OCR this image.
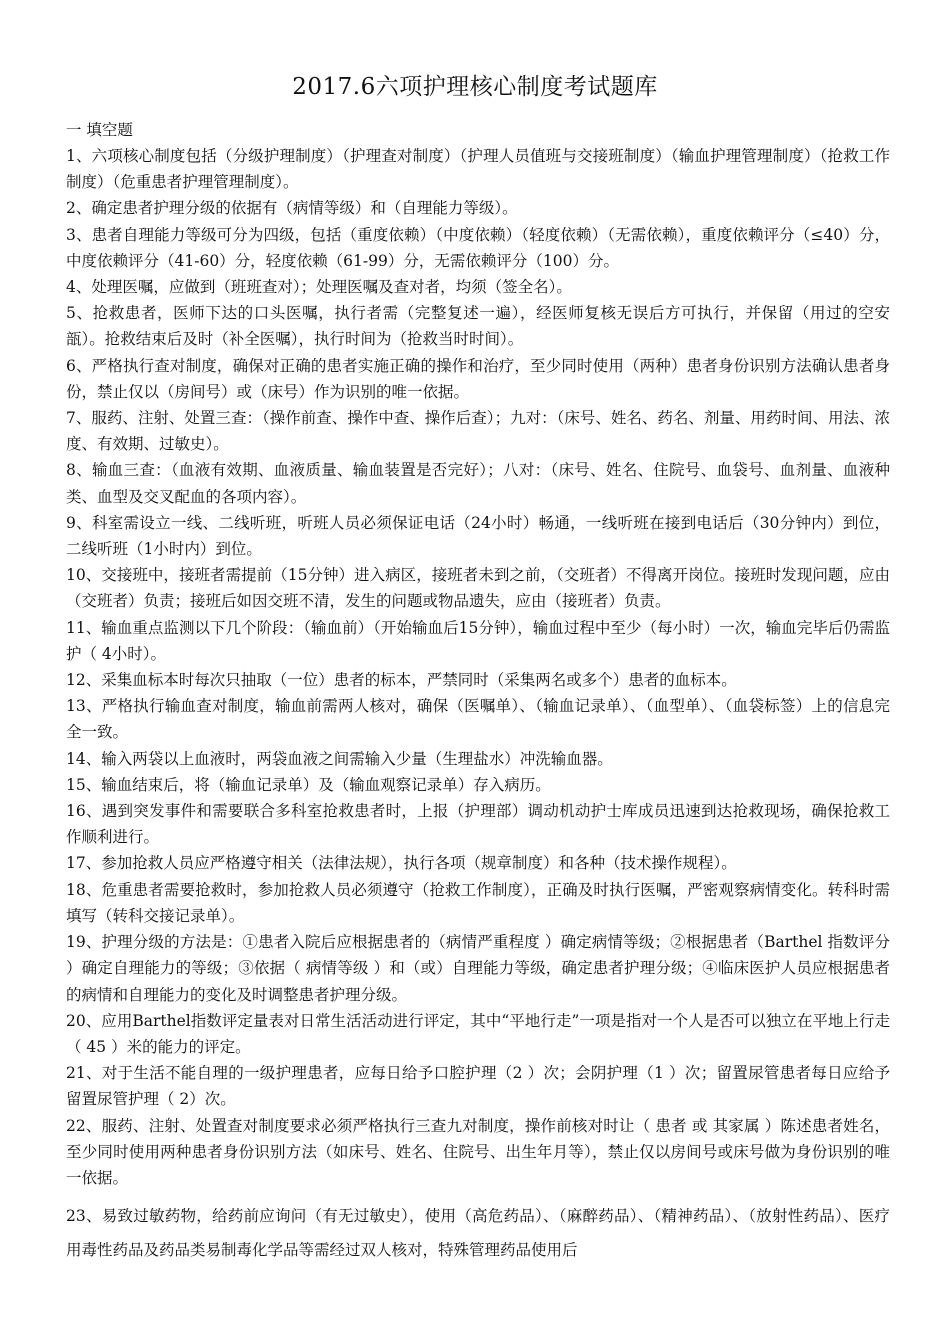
2017.6六项护理核心制度考试题库
一 填空题

1、六项核心制度包括（分级护理制度）（护理查对制度）（护理人员值班与交接班制度）（输血护理管理制度）（抢救工作制度）（危重患者护理管理制度）。

2、确定患者护理分级的依据有（病情等级）和（自理能力等级）。

3、患者自理能力等级可分为四级，包括（重度依赖）（中度依赖）（轻度依赖）（无需依赖），重度依赖评分（≤40）分，中度依赖评分（41-60）分，轻度依赖（61-99）分，无需依赖评分（100）分。

4、处理医嘱，应做到（班班查对）；处理医嘱及查对者，均须（签全名）。

5、抢救患者，医师下达的口头医嘱，执行者需（完整复述一遍），经医师复核无误后方可执行，并保留（用过的空安瓿）。抢救结束后及时（补全医嘱），执行时间为（抢救当时时间）。

6、严格执行查对制度，确保对正确的患者实施正确的操作和治疗，至少同时使用（两种）患者身份识别方法确认患者身份，禁止仅以（房间号）或（床号）作为识别的唯一依据。

7、服药、注射、处置三查：（操作前查、操作中查、操作后查）；九对：（床号、姓名、药名、剂量、用药时间、用法、浓度、有效期、过敏史）。

8、输血三查：（血液有效期、血液质量、输血装置是否完好）；八对：（床号、姓名、住院号、血袋号、血剂量、血液种类、血型及交叉配血的各项内容）。

9、科室需设立一线、二线听班，听班人员必须保证电话（24小时）畅通，一线听班在接到电话后（30分钟内）到位，二线听班（1小时内）到位。

10、交接班中，接班者需提前（15分钟）进入病区，接班者未到之前，（交班者）不得离开岗位。接班时发现问题，应由（交班者）负责；接班后如因交班不清，发生的问题或物品遗失，应由（接班者）负责。

11、输血重点监测以下几个阶段：（输血前）（开始输血后15分钟），输血过程中至少（每小时）一次，输血完毕后仍需监护（ 4小时）。

12、采集血标本时每次只抽取（一位）患者的标本，严禁同时（采集两名或多个）患者的血标本。

13、严格执行输血查对制度，输血前需两人核对，确保（医嘱单）、（输血记录单）、（血型单）、（血袋标签）上的信息完全一致。

14、输入两袋以上血液时，两袋血液之间需输入少量（生理盐水）冲洗输血器。

15、输血结束后，将（输血记录单）及（输血观察记录单）存入病历。

16、遇到突发事件和需要联合多科室抢救患者时，上报（护理部）调动机动护士库成员迅速到达抢救现场，确保抢救工作顺利进行。

17、参加抢救人员应严格遵守相关（法律法规），执行各项（规章制度）和各种（技术操作规程）。

18、危重患者需要抢救时，参加抢救人员必须遵守（抢救工作制度），正确及时执行医嘱，严密观察病情变化。转科时需填写（转科交接记录单）。

19、护理分级的方法是：①患者入院后应根据患者的（病情严重程度 ）确定病情等级；②根据患者（Barthel 指数评分 ）确定自理能力的等级；③依据（ 病情等级 ）和（或）自理能力等级，确定患者护理分级；④临床医护人员应根据患者的病情和自理能力的变化及时调整患者护理分级。

20、应用Barthel指数评定量表对日常生活活动进行评定，其中“平地行走”一项是指对一个人是否可以独立在平地上行走（ 45 ）米的能力的评定。

21、对于生活不能自理的一级护理患者，应每日给予口腔护理（2 ）次；会阴护理（1 ）次；留置尿管患者每日应给予留置尿管护理（ 2）次。

22、服药、注射、处置查对制度要求必须严格执行三查九对制度，操作前核对时让（ 患者 或 其家属 ）陈述患者姓名，至少同时使用两种患者身份识别方法（如床号、姓名、住院号、出生年月等），禁止仅以房间号或床号做为身份识别的唯一依据。

23、易致过敏药物，给药前应询问（有无过敏史），使用（高危药品）、（麻醉药品）、（精神药品）、（放射性药品）、医疗用毒性药品及药品类易制毒化学品等需经过双人核对，特殊管理药品使用后
